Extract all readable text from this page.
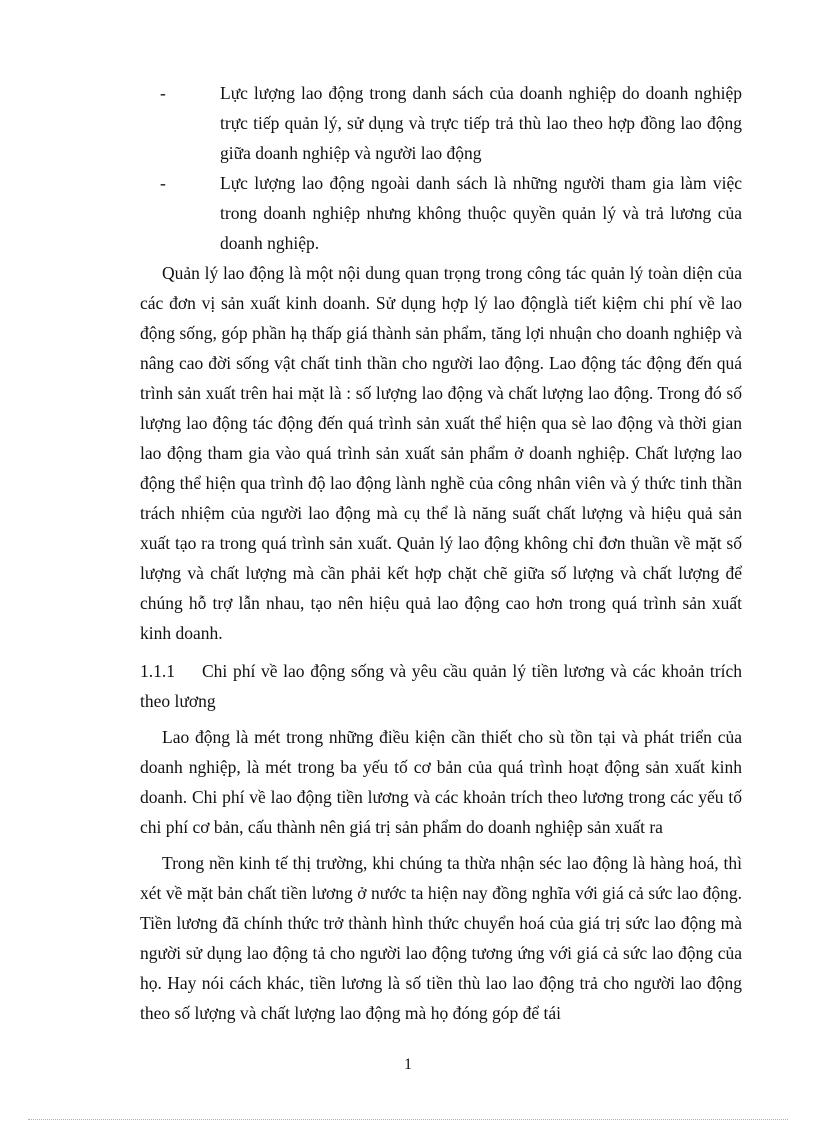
-	Lực lượng lao động trong danh sách của doanh nghiệp do doanh nghiệp trực tiếp quản lý, sử dụng và trực tiếp trả thù lao theo hợp đồng lao động giữa doanh nghiệp và người lao động
-	Lực lượng lao động ngoài danh sách là những người tham gia làm việc trong doanh nghiệp nhưng không thuộc quyền quản lý và trả lương của doanh nghiệp.

Quản lý lao động là một nội dung quan trọng trong công tác quản lý toàn diện của các đơn vị sản xuất kinh doanh. Sử dụng hợp lý lao độnglà tiết kiệm chi phí về lao động sống, góp phần hạ thấp giá thành sản phẩm, tăng lợi nhuận cho doanh nghiệp và nâng cao đời sống vật chất tinh thần cho người lao động. Lao động tác động đến quá trình sản xuất trên hai mặt là : số lượng lao động và chất lượng lao động. Trong đó số lượng lao động tác động đến quá trình sản xuất thể hiện qua sè lao động và thời gian lao động tham gia vào quá trình sản xuất sản phẩm ở doanh nghiệp. Chất lượng lao động thể hiện qua trình độ lao động lành nghề của công nhân viên và ý thức tinh thần trách nhiệm của người lao động mà cụ thể là năng suất chất lượng và hiệu quả sản xuất tạo ra trong quá trình sản xuất. Quản lý lao động không chỉ đơn thuần về mặt số lượng và chất lượng mà cần phải kết hợp chặt chẽ giữa số lượng và chất lượng để chúng hỗ trợ lẫn nhau, tạo nên hiệu quả lao động cao hơn trong quá trình sản xuất kinh doanh.

1.1.1 Chi phí về lao động sống và yêu cầu quản lý tiền lương và các khoản trích theo lương

Lao động là mét trong những điều kiện cần thiết cho sù tồn tại và phát triển của doanh nghiệp, là mét trong ba yếu tố cơ bản của quá trình hoạt động sản xuất kinh doanh. Chi phí về lao động tiền lương và các khoản trích theo lương trong các yếu tố chi phí cơ bản, cấu thành nên giá trị sản phẩm do doanh nghiệp sản xuất ra

Trong nền kinh tế thị trường, khi chúng ta thừa nhận séc lao động là hàng hoá, thì xét về mặt bản chất tiền lương ở nước ta hiện nay đồng nghĩa với giá cả sức lao động. Tiền lương đã chính thức trở thành hình thức chuyển hoá của giá trị sức lao động mà người sử dụng lao động tả cho người lao động tương ứng với giá cả sức lao động của họ. Hay nói cách khác, tiền lương là số tiền thù lao lao động trả cho người lao động theo số lượng và chất lượng lao động mà họ đóng góp để tái

1
